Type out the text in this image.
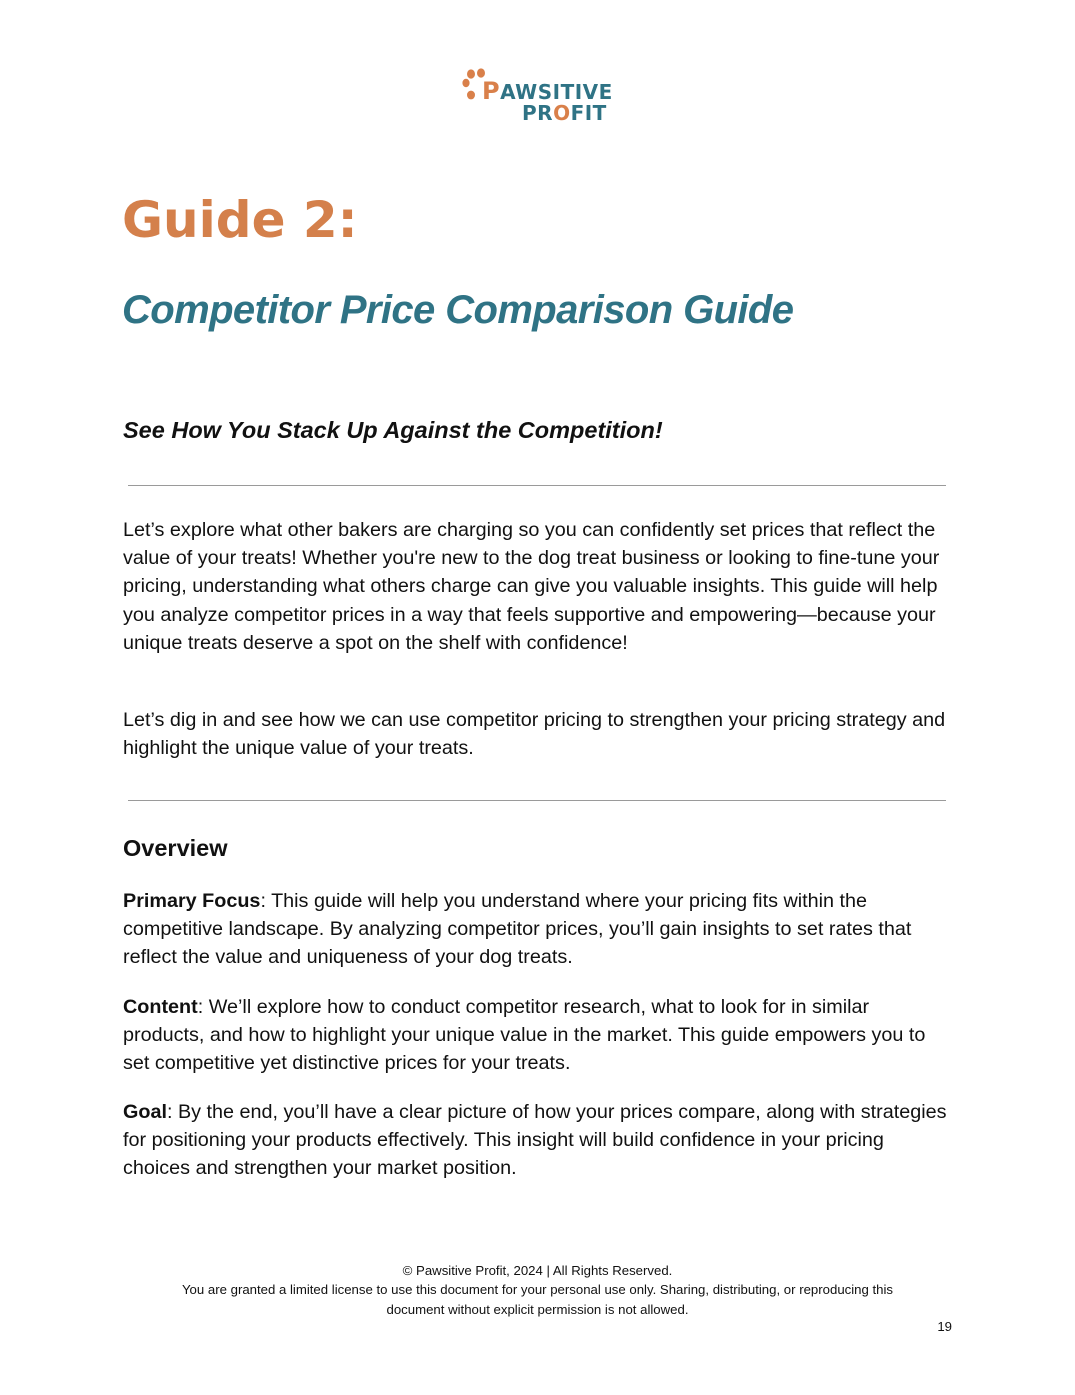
PAWSITIVE
PROFIT
Guide 2:
Competitor Price Comparison Guide
See How You Stack Up Against the Competition!

Let’s explore what other bakers are charging so you can confidently set prices that reflect the value of your treats! Whether you're new to the dog treat business or looking to fine-tune your pricing, understanding what others charge can give you valuable insights. This guide will help you analyze competitor prices in a way that feels supportive and empowering—because your unique treats deserve a spot on the shelf with confidence!

Let’s dig in and see how we can use competitor pricing to strengthen your pricing strategy and highlight the unique value of your treats.

Overview

Primary Focus: This guide will help you understand where your pricing fits within the competitive landscape. By analyzing competitor prices, you’ll gain insights to set rates that reflect the value and uniqueness of your dog treats.

Content: We’ll explore how to conduct competitor research, what to look for in similar products, and how to highlight your unique value in the market. This guide empowers you to set competitive yet distinctive prices for your treats.

Goal: By the end, you’ll have a clear picture of how your prices compare, along with strategies for positioning your products effectively. This insight will build confidence in your pricing choices and strengthen your market position.

© Pawsitive Profit, 2024 | All Rights Reserved.
You are granted a limited license to use this document for your personal use only. Sharing, distributing, or reproducing this
document without explicit permission is not allowed.
19
